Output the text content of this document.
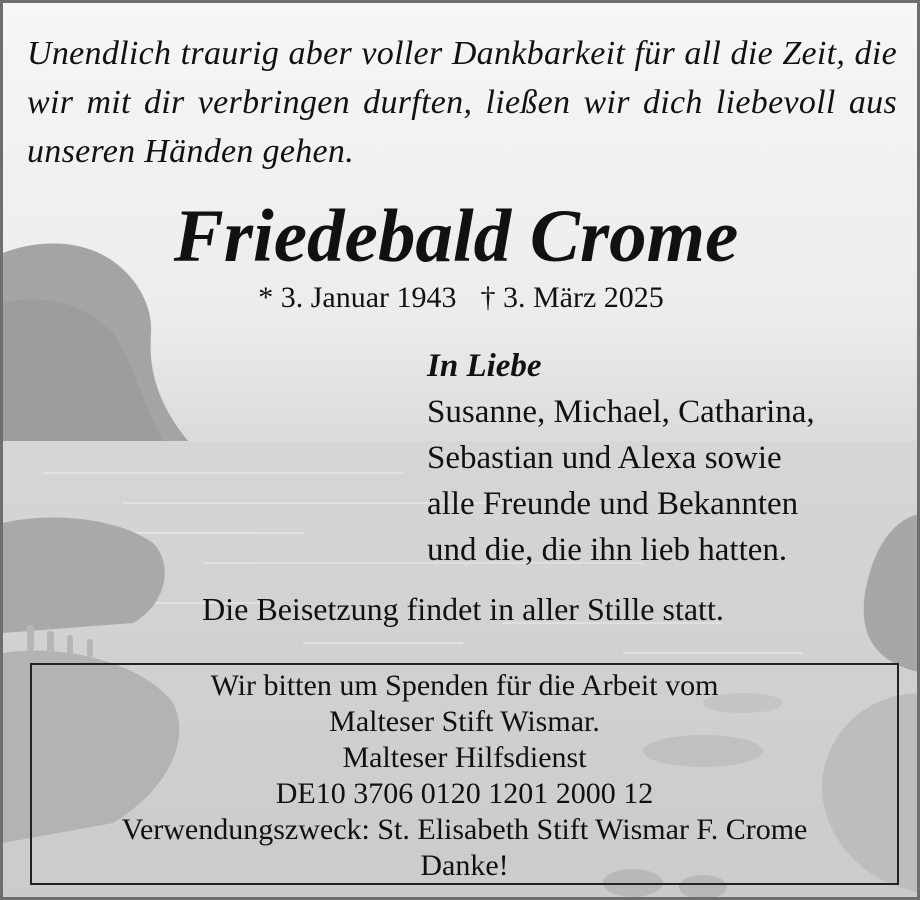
Unendlich traurig aber voller Dankbarkeit für all die Zeit, die wir mit dir verbringen durften, ließen wir dich liebevoll aus unseren Händen gehen.

Friedebald Crome

* 3. Januar 1943 † 3. März 2025

In Liebe
Susanne, Michael, Catharina,
Sebastian und Alexa sowie
alle Freunde und Bekannten
und die, die ihn lieb hatten.

Die Beisetzung findet in aller Stille statt.

Wir bitten um Spenden für die Arbeit vom
Malteser Stift Wismar.
Malteser Hilfsdienst
DE10 3706 0120 1201 2000 12
Verwendungszweck: St. Elisabeth Stift Wismar F. Crome
Danke!
